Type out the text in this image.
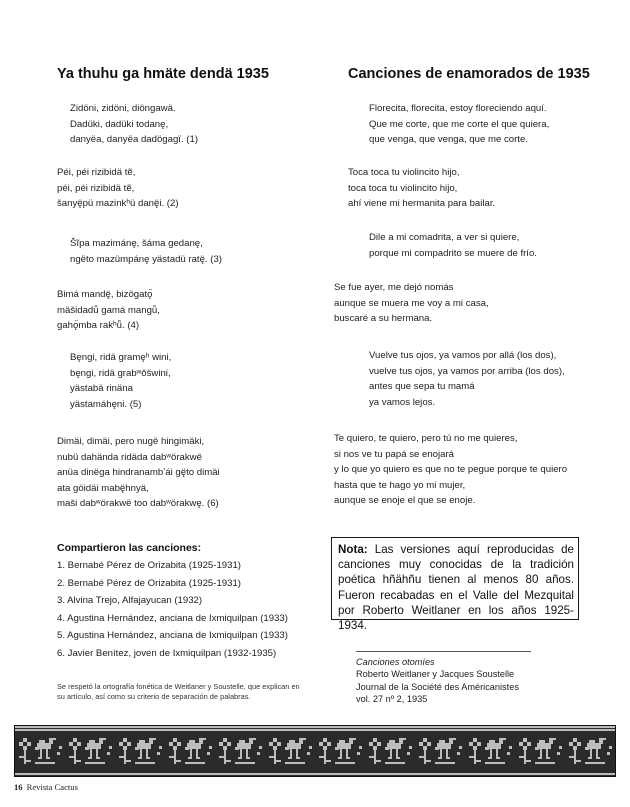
Ya thuhu ga hmäte dendä 1935
Zidöni, zidöni, diöngawä.
Dadüki, dadüki todanę,
danyëa, danyëa dadögagï. (1)
Péi, péi rizibidä tẽ,
péi, péi rizibidä tẽ,
šanyę̈pü mazinkʰü danę̈i. (2)
Šĩpa mazimánę, šáma gedanę,
ngëto mazümpánę yästadü ratę̈. (3)
Bimá mandę̈, bizögatǫ̈
mäšidadǖ gamá mangǖ,
gahǫ̈mba rakʰǖ. (4)
Bęngi, ridä gramęʰ wini,
bęngi, ridä grabʷǒšwini,
yästabä rinäna
yästamáhęni. (5)
Dimäi, dimäi, pero nugë hingimäki,
nubü dahända ridäda dabʷörakwë
anüa dinëga hindranambʼái gę̈to dimäi
ata göidäi mabę̈hnyä,
maši dabʷörakwë too dabʷörakwę. (6)
Compartieron las canciones:
1. Bernabé Pérez de Orizabita (1925-1931)
2. Bernabé Pérez de Orizabita (1925-1931)
3. Alvina Trejo, Alfajayucan (1932)
4. Agustina Hernández, anciana de Ixmiquilpan (1933)
5. Agustina Hernández, anciana de Ixmiquilpan (1933)
6. Javier Benítez, joven de Ixmiquilpan (1932-1935)
Se respetó la ortografía fonética de Weitlaner y Soustelle, que explican en su artículo, así como su criterio de separación de palabras.
Canciones de enamorados de 1935
Florecita, florecita, estoy floreciendo aquí.
Que me corte, que me corte el que quiera,
que venga, que venga, que me corte.
Toca toca tu violincito hijo,
toca toca tu violincito hijo,
ahí viene mi hermanita para bailar.
Dile a mi comadrita, a ver si quiere,
porque mi compadrito se muere de frío.
Se fue ayer, me dejó nomás
aunque se muera me voy a mi casa,
buscaré a su hermana.
Vuelve tus ojos, ya vamos por allá (los dos),
vuelve tus ojos, ya vamos por arriba (los dos),
antes que sepa tu mamá
ya vamos lejos.
Te quiero, te quiero, pero tú no me quieres,
si nos ve tu papá se enojará
y lo que yo quiero es que no te pegue porque te quiero
hasta que te hago yo mi mujer,
aunque se enoje el que se enoje.
Nota: Las versiones aquí reproducidas de canciones muy conocidas de la tradición poética hñähñu tienen al menos 80 años. Fueron recabadas en el Valle del Mezquital por Roberto Weitlaner en los años 1925-1934.
Canciones otomíes
Roberto Weitlaner y Jacques Soustelle
Journal de la Société des Américanistes
vol. 27 nº 2, 1935
16 Revista Cactus
